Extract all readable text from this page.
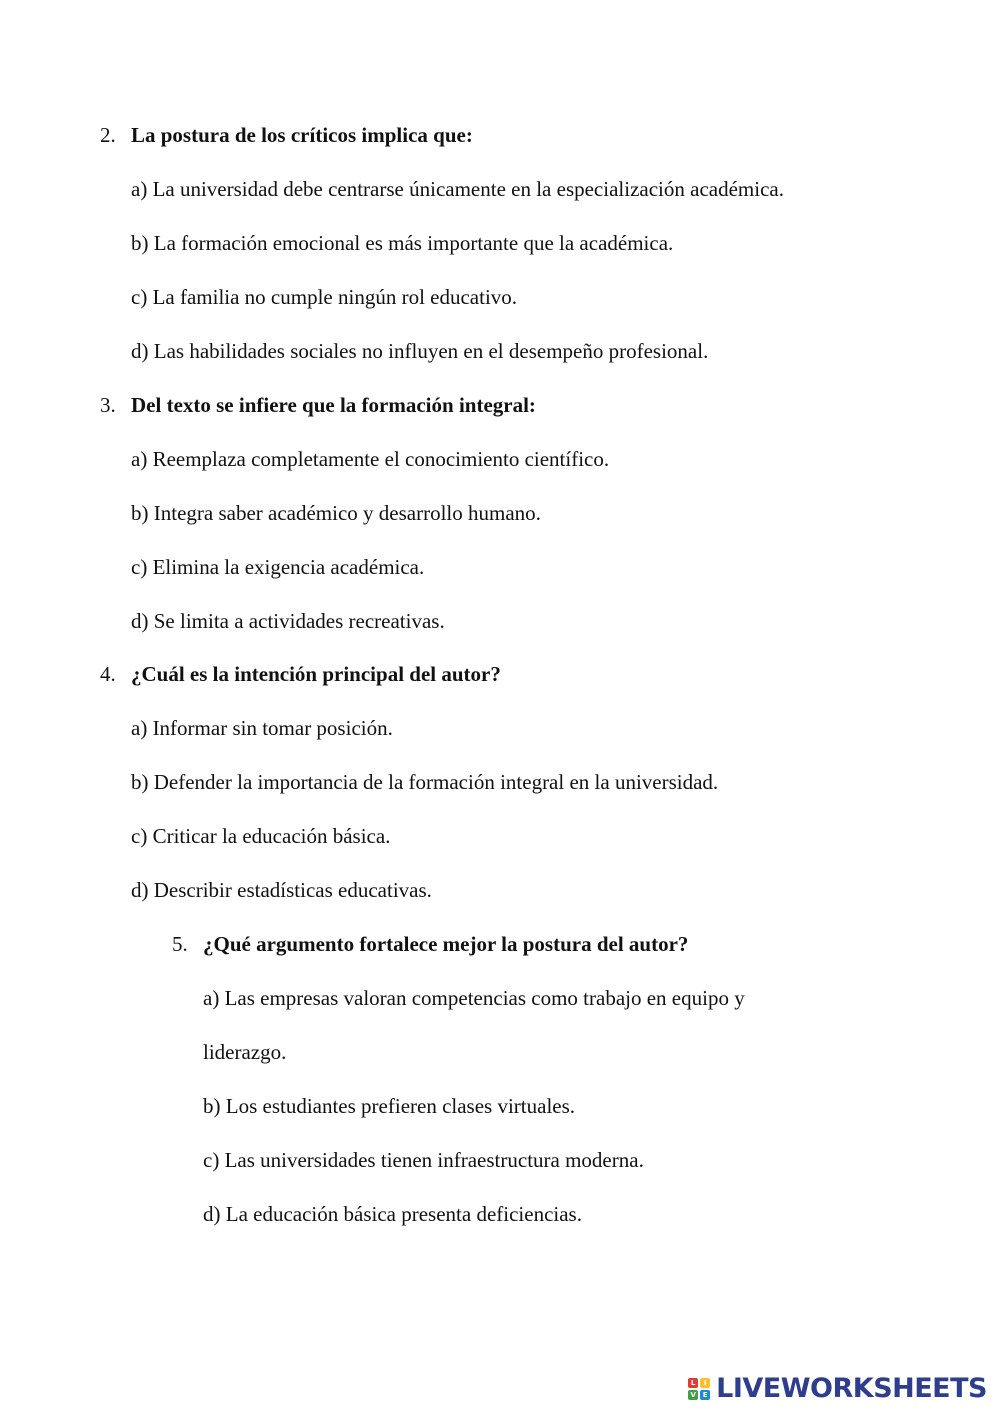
2. La postura de los críticos implica que:
a) La universidad debe centrarse únicamente en la especialización académica.
b) La formación emocional es más importante que la académica.
c) La familia no cumple ningún rol educativo.
d) Las habilidades sociales no influyen en el desempeño profesional.
3. Del texto se infiere que la formación integral:
a) Reemplaza completamente el conocimiento científico.
b) Integra saber académico y desarrollo humano.
c) Elimina la exigencia académica.
d) Se limita a actividades recreativas.
4. ¿Cuál es la intención principal del autor?
a) Informar sin tomar posición.
b) Defender la importancia de la formación integral en la universidad.
c) Criticar la educación básica.
d) Describir estadísticas educativas.
5. ¿Qué argumento fortalece mejor la postura del autor?
a) Las empresas valoran competencias como trabajo en equipo y
liderazgo.
b) Los estudiantes prefieren clases virtuales.
c) Las universidades tienen infraestructura moderna.
d) La educación básica presenta deficiencias.
L	I
V E LIVEWORKSHEETS
